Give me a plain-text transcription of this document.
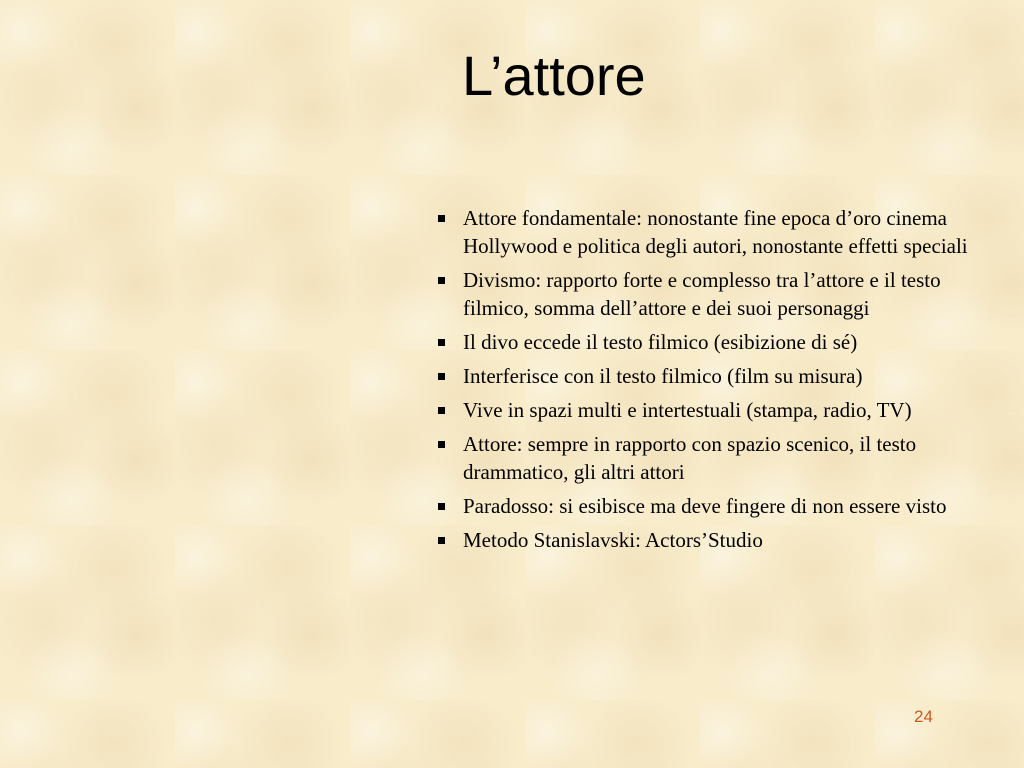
L’attore
Attore fondamentale: nonostante fine epoca d’oro cinema Hollywood e politica degli autori, nonostante effetti speciali
Divismo: rapporto forte e complesso tra l’attore e il testo filmico, somma dell’attore e dei suoi personaggi
Il divo eccede il testo filmico (esibizione di sé)
Interferisce con il testo filmico (film su misura)
Vive in spazi multi e intertestuali (stampa, radio, TV)
Attore: sempre in rapporto con spazio scenico, il testo drammatico, gli altri attori
Paradosso: si esibisce ma deve fingere di non essere visto
Metodo Stanislavski: Actors’Studio
24
